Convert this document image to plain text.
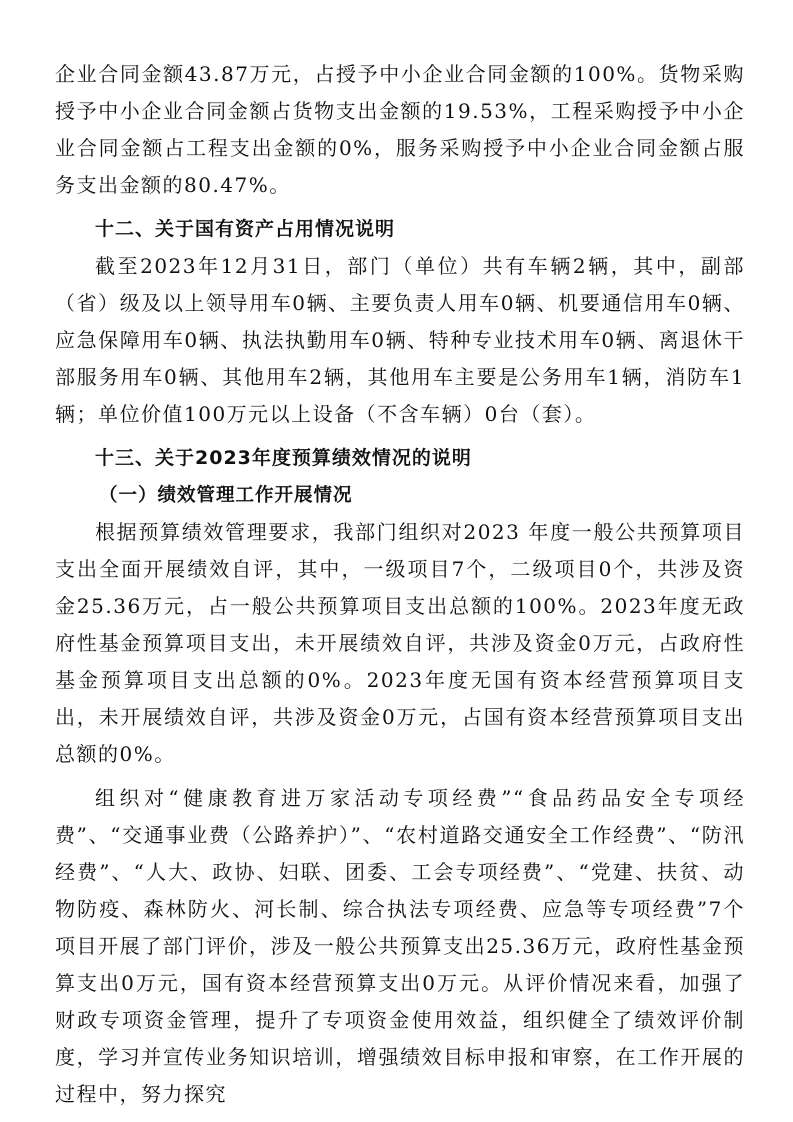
企业合同金额43.87万元，占授予中小企业合同金额的100%。货物采购授予中小企业合同金额占货物支出金额的19.53%，工程采购授予中小企业合同金额占工程支出金额的0%，服务采购授予中小企业合同金额占服务支出金额的80.47%。

十二、关于国有资产占用情况说明

截至2023年12月31日，部门（单位）共有车辆2辆，其中，副部（省）级及以上领导用车0辆、主要负责人用车0辆、机要通信用车0辆、应急保障用车0辆、执法执勤用车0辆、特种专业技术用车0辆、离退休干部服务用车0辆、其他用车2辆，其他用车主要是公务用车1辆，消防车1辆；单位价值100万元以上设备（不含车辆）0台（套）。

十三、关于2023年度预算绩效情况的说明

（一）绩效管理工作开展情况

根据预算绩效管理要求，我部门组织对2023 年度一般公共预算项目支出全面开展绩效自评，其中，一级项目7个，二级项目0个，共涉及资金25.36万元，占一般公共预算项目支出总额的100%。2023年度无政府性基金预算项目支出，未开展绩效自评，共涉及资金0万元，占政府性基金预算项目支出总额的0%。2023年度无国有资本经营预算项目支出，未开展绩效自评，共涉及资金0万元，占国有资本经营预算项目支出总额的0%。

组织对“健康教育进万家活动专项经费”“食品药品安全专项经费”、“交通事业费（公路养护）”、“农村道路交通安全工作经费”、“防汛经费”、“人大、政协、妇联、团委、工会专项经费”、“党建、扶贫、动物防疫、森林防火、河长制、综合执法专项经费、应急等专项经费”7个项目开展了部门评价，涉及一般公共预算支出25.36万元，政府性基金预算支出0万元，国有资本经营预算支出0万元。从评价情况来看，加强了财政专项资金管理，提升了专项资金使用效益，组织健全了绩效评价制度，学习并宣传业务知识培训，增强绩效目标申报和审察，在工作开展的过程中，努力探究
